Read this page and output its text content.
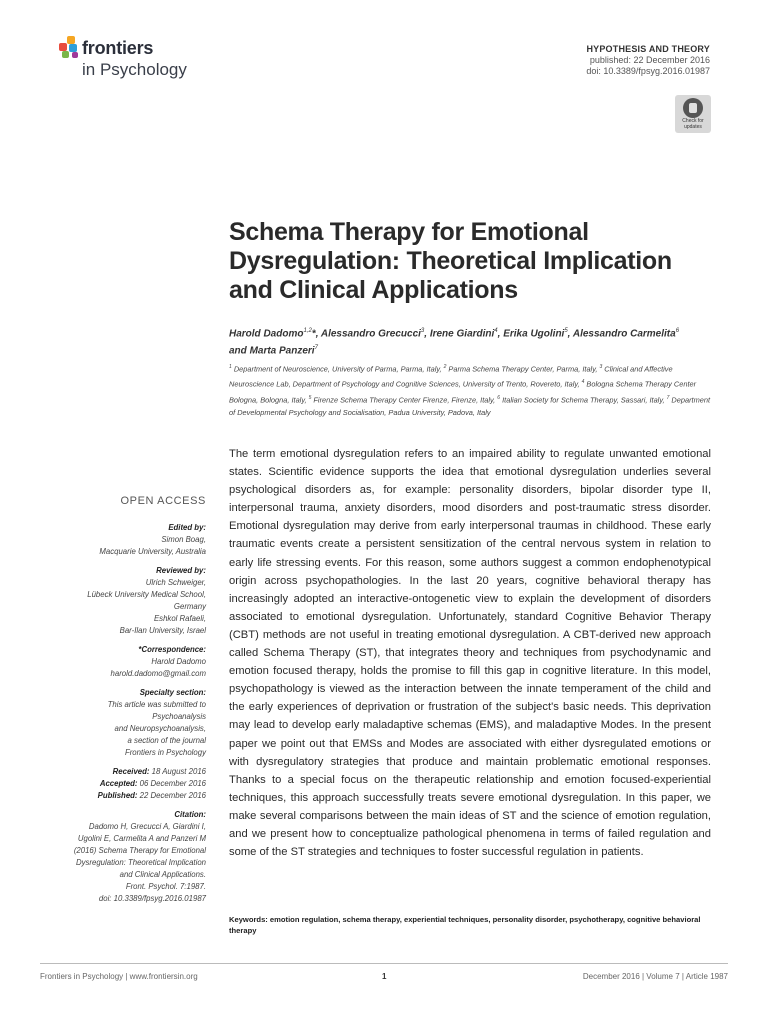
frontiers
in Psychology
HYPOTHESIS AND THEORY
published: 22 December 2016
doi: 10.3389/fpsyg.2016.01987
Check for
updates
Schema Therapy for Emotional Dysregulation: Theoretical Implication and Clinical Applications
Harold Dadomo$^{1,2}$*, Alessandro Grecucci$^3$, Irene Giardini$^4$, Erika Ugolini$^5$, Alessandro Carmelita$^6$ and Marta Panzeri$^7$
$^1$ Department of Neuroscience, University of Parma, Parma, Italy, $^2$ Parma Schema Therapy Center, Parma, Italy, $^3$ Clinical and Affective Neuroscience Lab, Department of Psychology and Cognitive Sciences, University of Trento, Rovereto, Italy, $^4$ Bologna Schema Therapy Center Bologna, Bologna, Italy, $^5$ Firenze Schema Therapy Center Firenze, Firenze, Italy, $^6$ Italian Society for Schema Therapy, Sassari, Italy, $^7$ Department of Developmental Psychology and Socialisation, Padua University, Padova, Italy
The term emotional dysregulation refers to an impaired ability to regulate unwanted emotional states. Scientific evidence supports the idea that emotional dysregulation underlies several psychological disorders as, for example: personality disorders, bipolar disorder type II, interpersonal trauma, anxiety disorders, mood disorders and post-traumatic stress disorder. Emotional dysregulation may derive from early interpersonal traumas in childhood. These early traumatic events create a persistent sensitization of the central nervous system in relation to early life stressing events. For this reason, some authors suggest a common endophenotypical origin across psychopathologies. In the last 20 years, cognitive behavioral therapy has increasingly adopted an interactive-ontogenetic view to explain the development of disorders associated to emotional dysregulation. Unfortunately, standard Cognitive Behavior Therapy (CBT) methods are not useful in treating emotional dysregulation. A CBT-derived new approach called Schema Therapy (ST), that integrates theory and techniques from psychodynamic and emotion focused therapy, holds the promise to fill this gap in cognitive literature. In this model, psychopathology is viewed as the interaction between the innate temperament of the child and the early experiences of deprivation or frustration of the subject's basic needs. This deprivation may lead to develop early maladaptive schemas (EMS), and maladaptive Modes. In the present paper we point out that EMSs and Modes are associated with either dysregulated emotions or with dysregulatory strategies that produce and maintain problematic emotional responses. Thanks to a special focus on the therapeutic relationship and emotion focused-experiential techniques, this approach successfully treats severe emotional dysregulation. In this paper, we make several comparisons between the main ideas of ST and the science of emotion regulation, and we present how to conceptualize pathological phenomena in terms of failed regulation and some of the ST strategies and techniques to foster successful regulation in patients.
Keywords: emotion regulation, schema therapy, experiential techniques, personality disorder, psychotherapy, cognitive behavioral therapy
OPEN ACCESS
Edited by:
Simon Boag,
Macquarie University, Australia
Reviewed by:
Ulrich Schweiger,
Lübeck University Medical School,
Germany
Eshkol Rafaeli,
Bar-Ilan University, Israel
*Correspondence:
Harold Dadomo
harold.dadomo@gmail.com
Specialty section:
This article was submitted to
Psychoanalysis
and Neuropsychoanalysis,
a section of the journal
Frontiers in Psychology
Received: 18 August 2016
Accepted: 06 December 2016
Published: 22 December 2016
Citation:
Dadomo H, Grecucci A, Giardini I,
Ugolini E, Carmelita A and Panzeri M
(2016) Schema Therapy for Emotional
Dysregulation: Theoretical Implication
and Clinical Applications.
Front. Psychol. 7:1987.
doi: 10.3389/fpsyg.2016.01987
Frontiers in Psychology | www.frontiersin.org	1	December 2016 | Volume 7 | Article 1987
